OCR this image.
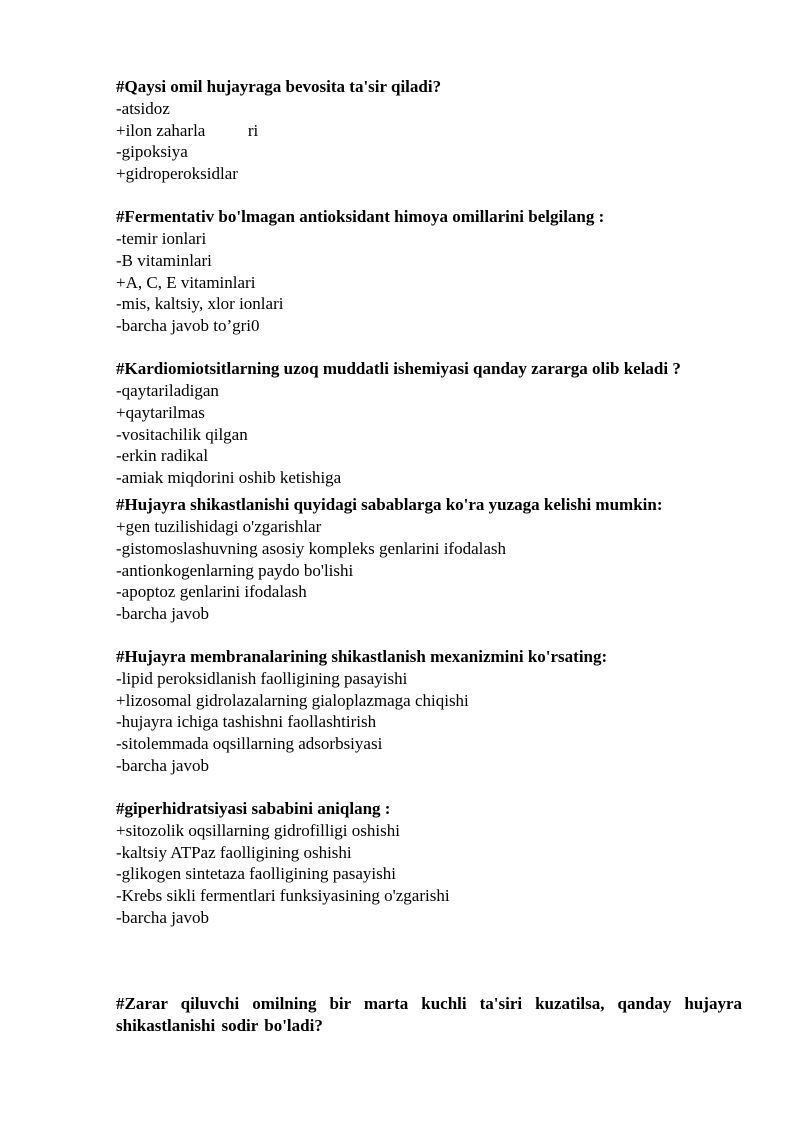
#Qaysi omil hujayraga bevosita ta'sir qiladi?
-atsidoz
+ilon zaharla          ri
-gipoksiya
+gidroperoksidlar
#Fermentativ bo'lmagan antioksidant himoya omillarini belgilang :
-temir ionlari
-B vitaminlari
+A, C, E vitaminlari
-mis, kaltsiy, xlor ionlari
-barcha javob to’gri0
#Kardiomiotsitlarning uzoq muddatli ishemiyasi qanday zararga olib keladi ?
-qaytariladigan
+qaytarilmas
-vositachilik qilgan
-erkin radikal
-amiak miqdorini oshib ketishiga
#Hujayra shikastlanishi quyidagi sabablarga ko'ra yuzaga kelishi mumkin:
+gen tuzilishidagi o'zgarishlar
-gistomoslashuvning asosiy kompleks genlarini ifodalash
-antionkogenlarning paydo bo'lishi
-apoptoz genlarini ifodalash
-barcha javob
#Hujayra membranalarining shikastlanish mexanizmini ko'rsating:
-lipid peroksidlanish faolligining pasayishi
+lizosomal gidrolazalarning gialoplazmaga chiqishi
-hujayra ichiga tashishni faollashtirish
-sitolemmada oqsillarning adsorbsiyasi
-barcha javob
#giperhidratsiyasi sababini aniqlang :
+sitozolik oqsillarning gidrofilligi oshishi
-kaltsiy ATPaz faolligining oshishi
-glikogen sintetaza faolligining pasayishi
-Krebs sikli fermentlari funksiyasining o'zgarishi
-barcha javob
#Zarar qiluvchi omilning bir marta kuchli ta'siri kuzatilsa, qanday hujayra shikastlanishi sodir bo'ladi?
